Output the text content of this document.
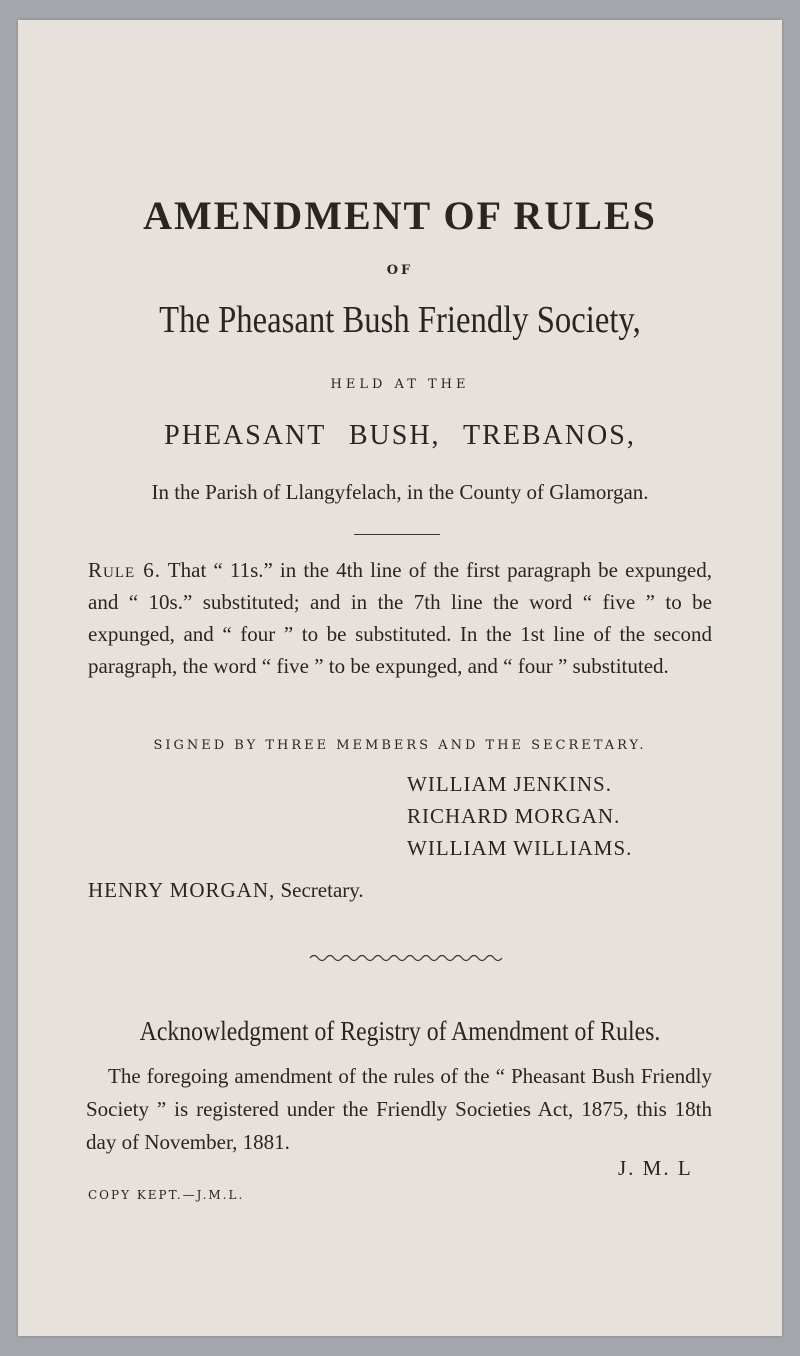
AMENDMENT OF RULES
OF
The Pheasant Bush Friendly Society,
HELD AT THE
PHEASANT BUSH, TREBANOS,
In the Parish of Llangyfelach, in the County of Glamorgan.
Rule 6. That “ 11s.” in the 4th line of the first paragraph be expunged, and “ 10s.” substituted; and in the 7th line the word “ five ” to be expunged, and “ four ” to be substituted. In the 1st line of the second paragraph, the word “ five ” to be expunged, and “ four ” substituted.
SIGNED BY THREE MEMBERS AND THE SECRETARY.
WILLIAM JENKINS.
RICHARD MORGAN.
WILLIAM WILLIAMS.
HENRY MORGAN, Secretary.
Acknowledgment of Registry of Amendment of Rules.
The foregoing amendment of the rules of the “ Pheasant Bush Friendly Society ” is registered under the Friendly Societies Act, 1875, this 18th day of November, 1881.
J. M. L
COPY KEPT.—J.M.L.
